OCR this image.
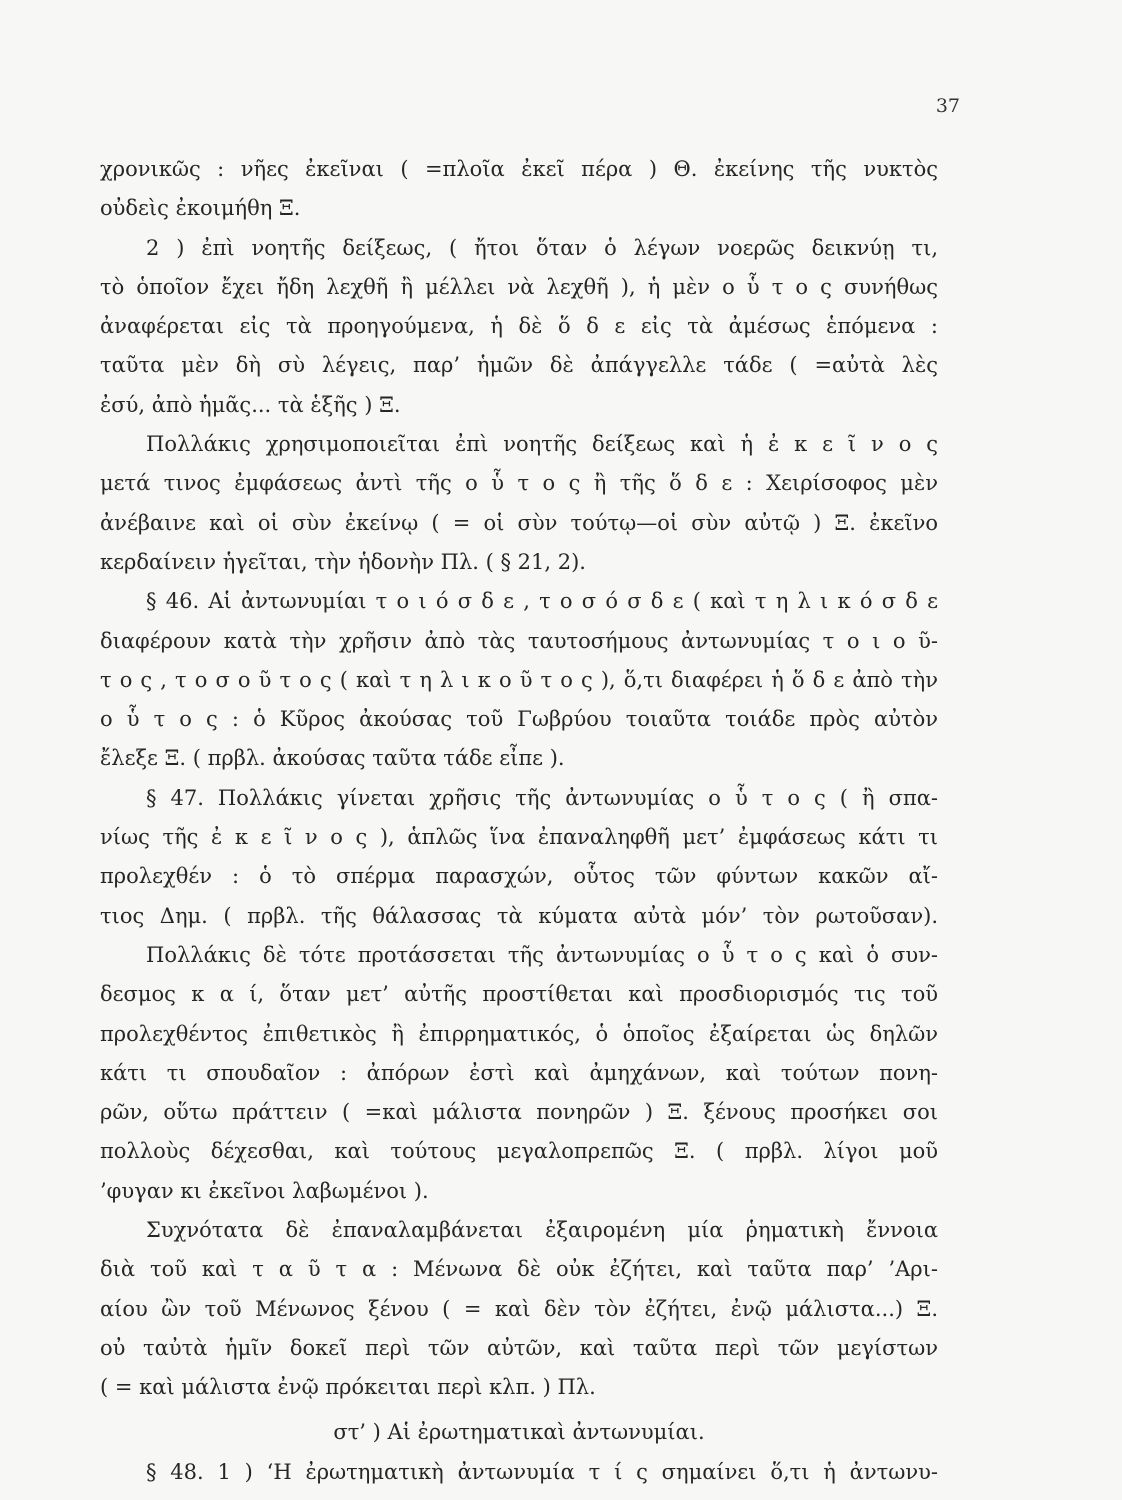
37
χρονικῶς : νῆες ἐκεῖναι ( =πλοῖα ἐκεῖ πέρα ) Θ. ἐκείνης τῆς νυκτὸς
οὐδεὶς ἐκοιμήθη Ξ.
2 ) ἐπὶ νοητῆς δείξεως, ( ἤτοι ὅταν ὁ λέγων νοερῶς δεικνύῃ τι,
τὸ ὁποῖον ἔχει ἤδη λεχθῆ ἢ μέλλει νὰ λεχθῆ ), ἡ μὲν ο ὗ τ ο ς συνήθως
ἀναφέρεται εἰς τὰ προηγούμενα, ἡ δὲ ὅ δ ε εἰς τὰ ἀμέσως ἑπόμενα :
ταῦτα μὲν δὴ σὺ λέγεις, παρ’ ἡμῶν δὲ ἀπάγγελλε τάδε ( =αὐτὰ λὲς
ἐσύ, ἀπὸ ἡμᾶς... τὰ ἑξῆς ) Ξ.
Πολλάκις χρησιμοποιεῖται ἐπὶ νοητῆς δείξεως καὶ ἡ ἐ κ ε ῖ ν ο ς
μετά τινος ἐμφάσεως ἀντὶ τῆς ο ὗ τ ο ς ἢ τῆς ὅ δ ε : Χειρίσοφος μὲν
ἀνέβαινε καὶ οἱ σὺν ἐκείνῳ ( = οἱ σὺν τούτῳ—οἱ σὺν αὐτῷ ) Ξ. ἐκεῖνο
κερδαίνειν ἡγεῖται, τὴν ἡδονὴν Πλ. ( § 21, 2).
§ 46. Αἱ ἀντωνυμίαι τ ο ι ό σ δ ε , τ ο σ ό σ δ ε ( καὶ τ η λ ι κ ό σ δ ε
διαφέρουν κατὰ τὴν χρῆσιν ἀπὸ τὰς ταυτοσήμους ἀντωνυμίας τ ο ι ο ῦ-
τ ο ς , τ ο σ ο ῦ τ ο ς ( καὶ τ η λ ι κ ο ῦ τ ο ς ), ὅ,τι διαφέρει ἡ ὅ δ ε ἀπὸ τὴν
ο ὗ τ ο ς : ὁ Κῦρος ἀκούσας τοῦ Γωβρύου τοιαῦτα τοιάδε πρὸς αὐτὸν
ἔλεξε Ξ. ( πρβλ. ἀκούσας ταῦτα τάδε εἶπε ).
§ 47. Πολλάκις γίνεται χρῆσις τῆς ἀντωνυμίας ο ὗ τ ο ς ( ἢ σπα-
νίως τῆς ἐ κ ε ῖ ν ο ς ), ἁπλῶς ἵνα ἐπαναληφθῆ μετ’ ἐμφάσεως κάτι τι
προλεχθέν : ὁ τὸ σπέρμα παρασχών, οὗτος τῶν φύντων κακῶν αἴ-
τιος Δημ. ( πρβλ. τῆς θάλασσας τὰ κύματα αὐτὰ μόν’ τὸν ρωτοῦσαν).
Πολλάκις δὲ τότε προτάσσεται τῆς ἀντωνυμίας ο ὗ τ ο ς καὶ ὁ συν-
δεσμος κ α ί, ὅταν μετ’ αὐτῆς προστίθεται καὶ προσδιορισμός τις τοῦ
προλεχθέντος ἐπιθετικὸς ἢ ἐπιρρηματικός, ὁ ὁποῖος ἐξαίρεται ὡς δηλῶν
κάτι τι σπουδαῖον : ἀπόρων ἐστὶ καὶ ἀμηχάνων, καὶ τούτων πονη-
ρῶν, οὕτω πράττειν ( =καὶ μάλιστα πονηρῶν ) Ξ. ξένους προσήκει σοι
πολλοὺς δέχεσθαι, καὶ τούτους μεγαλοπρεπῶς Ξ. ( πρβλ. λίγοι μοῦ
’φυγαν κι ἐκεῖνοι λαβωμένοι ).
Συχνότατα δὲ ἐπαναλαμβάνεται ἐξαιρομένη μία ῥηματικὴ ἔννοια
διὰ τοῦ καὶ τ α ῦ τ α : Μένωνα δὲ οὐκ ἐζήτει, καὶ ταῦτα παρ’ ’Αρι-
αίου ὢν τοῦ Μένωνος ξένου ( = καὶ δὲν τὸν ἐζήτει, ἐνῷ μάλιστα...) Ξ.
οὐ ταὐτὰ ἡμῖν δοκεῖ περὶ τῶν αὐτῶν, καὶ ταῦτα περὶ τῶν μεγίστων
( = καὶ μάλιστα ἐνῷ πρόκειται περὶ κλπ. ) Πλ.
στ’ ) Αἱ ἐρωτηματικαὶ ἀντωνυμίαι.
§ 48. 1 ) ‘Η ἐρωτηματικὴ ἀντωνυμία τ ί ς σημαίνει ὅ,τι ἡ ἀντωνυ-
